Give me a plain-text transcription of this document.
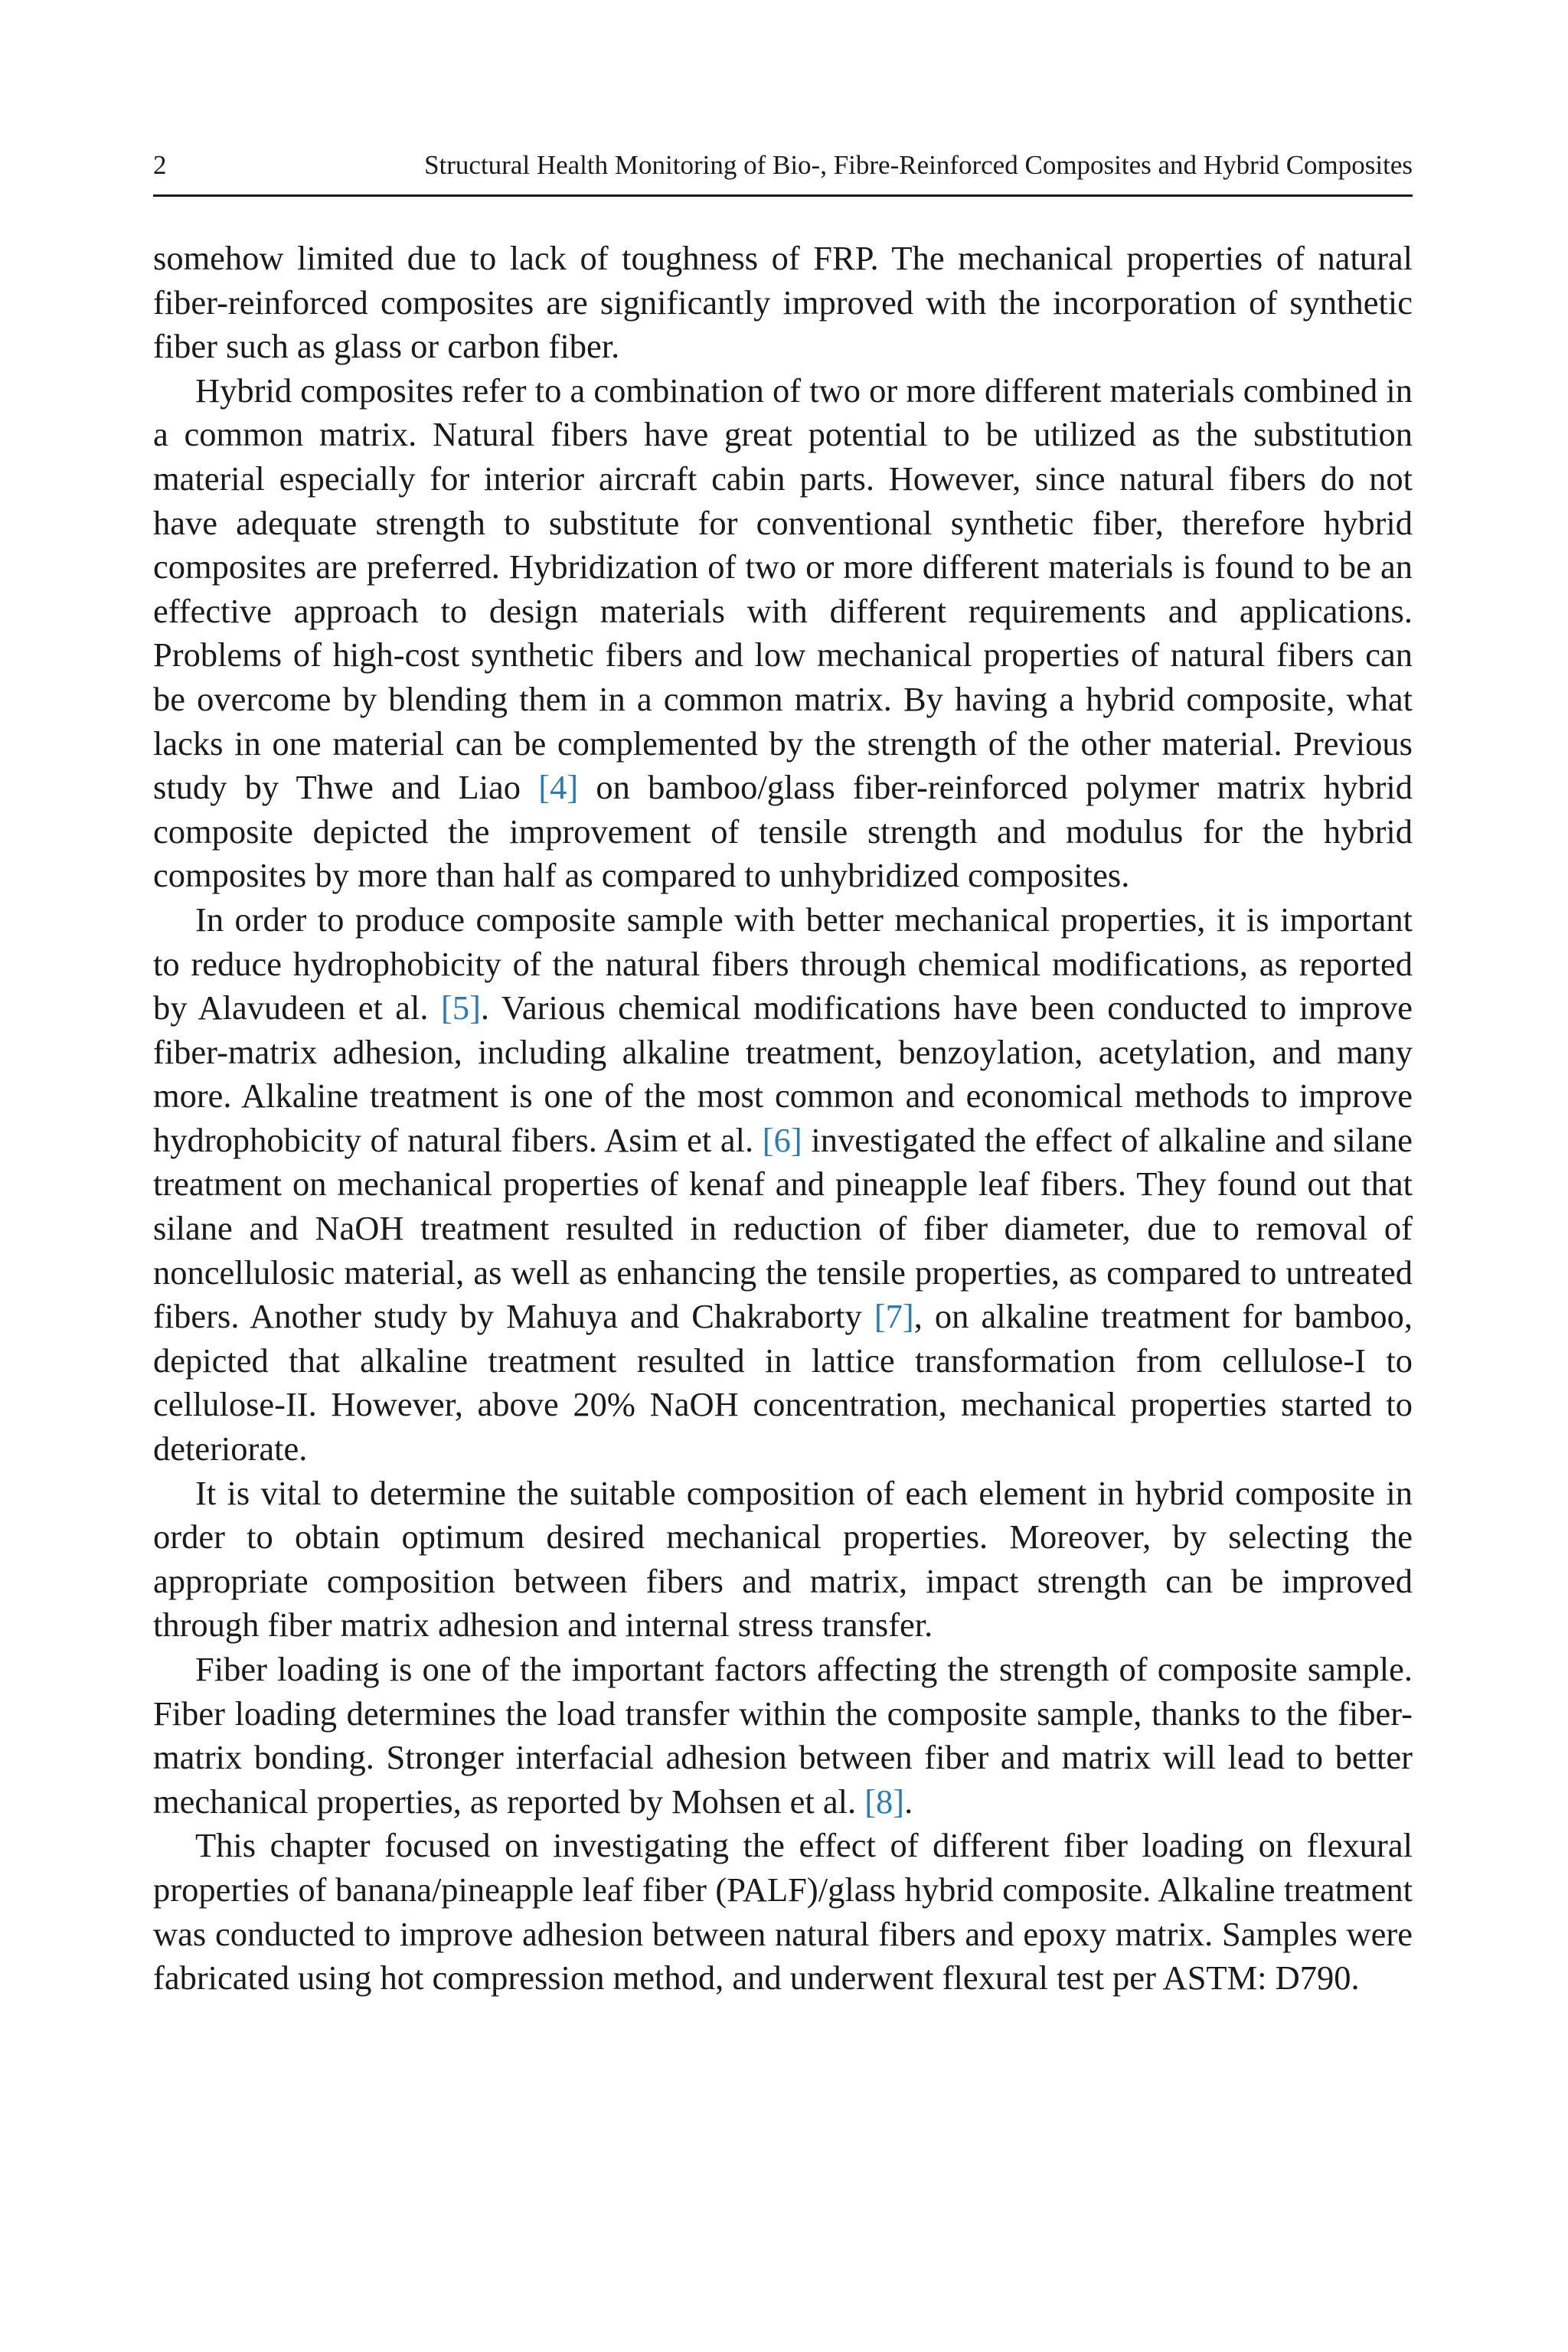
2	Structural Health Monitoring of Bio-, Fibre-Reinforced Composites and Hybrid Composites

somehow limited due to lack of toughness of FRP. The mechanical properties of natural fiber-reinforced composites are significantly improved with the incorporation of synthetic fiber such as glass or carbon fiber.

Hybrid composites refer to a combination of two or more different materials combined in a common matrix. Natural fibers have great potential to be utilized as the substitution material especially for interior aircraft cabin parts. However, since natural fibers do not have adequate strength to substitute for conventional synthetic fiber, therefore hybrid composites are preferred. Hybridization of two or more different materials is found to be an effective approach to design materials with different requirements and applications. Problems of high-cost synthetic fibers and low mechanical properties of natural fibers can be overcome by blending them in a common matrix. By having a hybrid composite, what lacks in one material can be complemented by the strength of the other material. Previous study by Thwe and Liao [4] on bamboo/glass fiber-reinforced polymer matrix hybrid composite depicted the improvement of tensile strength and modulus for the hybrid composites by more than half as compared to unhybridized composites.

In order to produce composite sample with better mechanical properties, it is important to reduce hydrophobicity of the natural fibers through chemical modifications, as reported by Alavudeen et al. [5]. Various chemical modifications have been conducted to improve fiber-matrix adhesion, including alkaline treatment, benzoylation, acetylation, and many more. Alkaline treatment is one of the most common and economical methods to improve hydrophobicity of natural fibers. Asim et al. [6] investigated the effect of alkaline and silane treatment on mechanical properties of kenaf and pineapple leaf fibers. They found out that silane and NaOH treatment resulted in reduction of fiber diameter, due to removal of noncellulosic material, as well as enhancing the tensile properties, as compared to untreated fibers. Another study by Mahuya and Chakraborty [7], on alkaline treatment for bamboo, depicted that alkaline treatment resulted in lattice transformation from cellulose-I to cellulose-II. However, above 20% NaOH concentration, mechanical properties started to deteriorate.

It is vital to determine the suitable composition of each element in hybrid composite in order to obtain optimum desired mechanical properties. Moreover, by selecting the appropriate composition between fibers and matrix, impact strength can be improved through fiber matrix adhesion and internal stress transfer.

Fiber loading is one of the important factors affecting the strength of composite sample. Fiber loading determines the load transfer within the composite sample, thanks to the fiber-matrix bonding. Stronger interfacial adhesion between fiber and matrix will lead to better mechanical properties, as reported by Mohsen et al. [8].

This chapter focused on investigating the effect of different fiber loading on flexural properties of banana/pineapple leaf fiber (PALF)/glass hybrid composite. Alkaline treatment was conducted to improve adhesion between natural fibers and epoxy matrix. Samples were fabricated using hot compression method, and underwent flexural test per ASTM: D790.
